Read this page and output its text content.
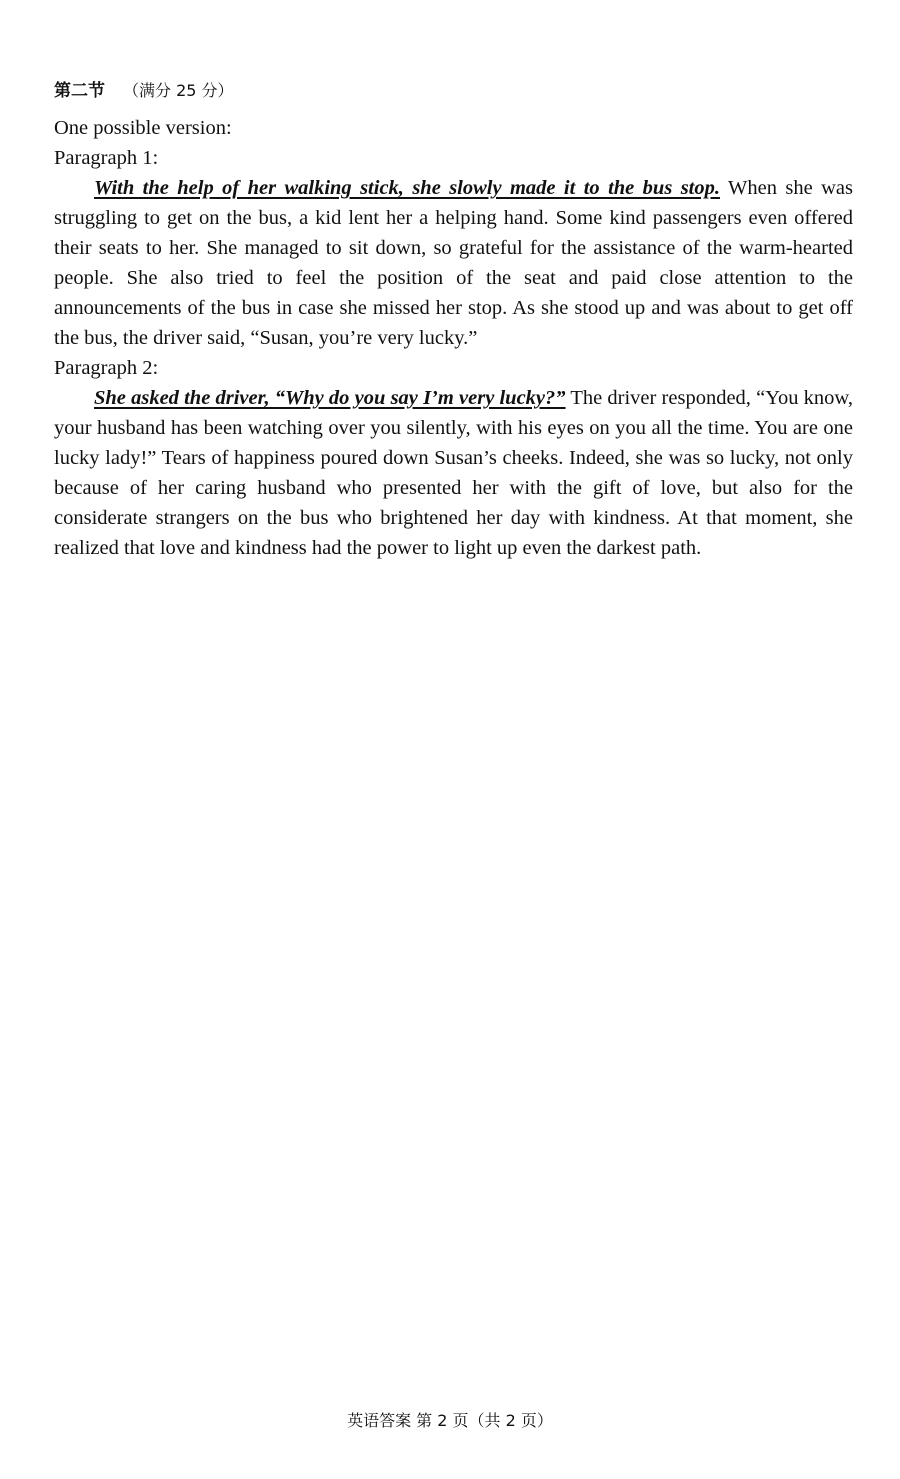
第二节 （满分 25 分）

One possible version:

Paragraph 1:

With the help of her walking stick, she slowly made it to the bus stop. When she was struggling to get on the bus, a kid lent her a helping hand. Some kind passengers even offered their seats to her. She managed to sit down, so grateful for the assistance of the warm-hearted people. She also tried to feel the position of the seat and paid close attention to the announcements of the bus in case she missed her stop. As she stood up and was about to get off the bus, the driver said, “Susan, you’re very lucky.”

Paragraph 2:

She asked the driver, “Why do you say I’m very lucky?” The driver responded, “You know, your husband has been watching over you silently, with his eyes on you all the time. You are one lucky lady!” Tears of happiness poured down Susan’s cheeks. Indeed, she was so lucky, not only because of her caring husband who presented her with the gift of love, but also for the considerate strangers on the bus who brightened her day with kindness. At that moment, she realized that love and kindness had the power to light up even the darkest path.

英语答案 第 2 页（共 2 页）
